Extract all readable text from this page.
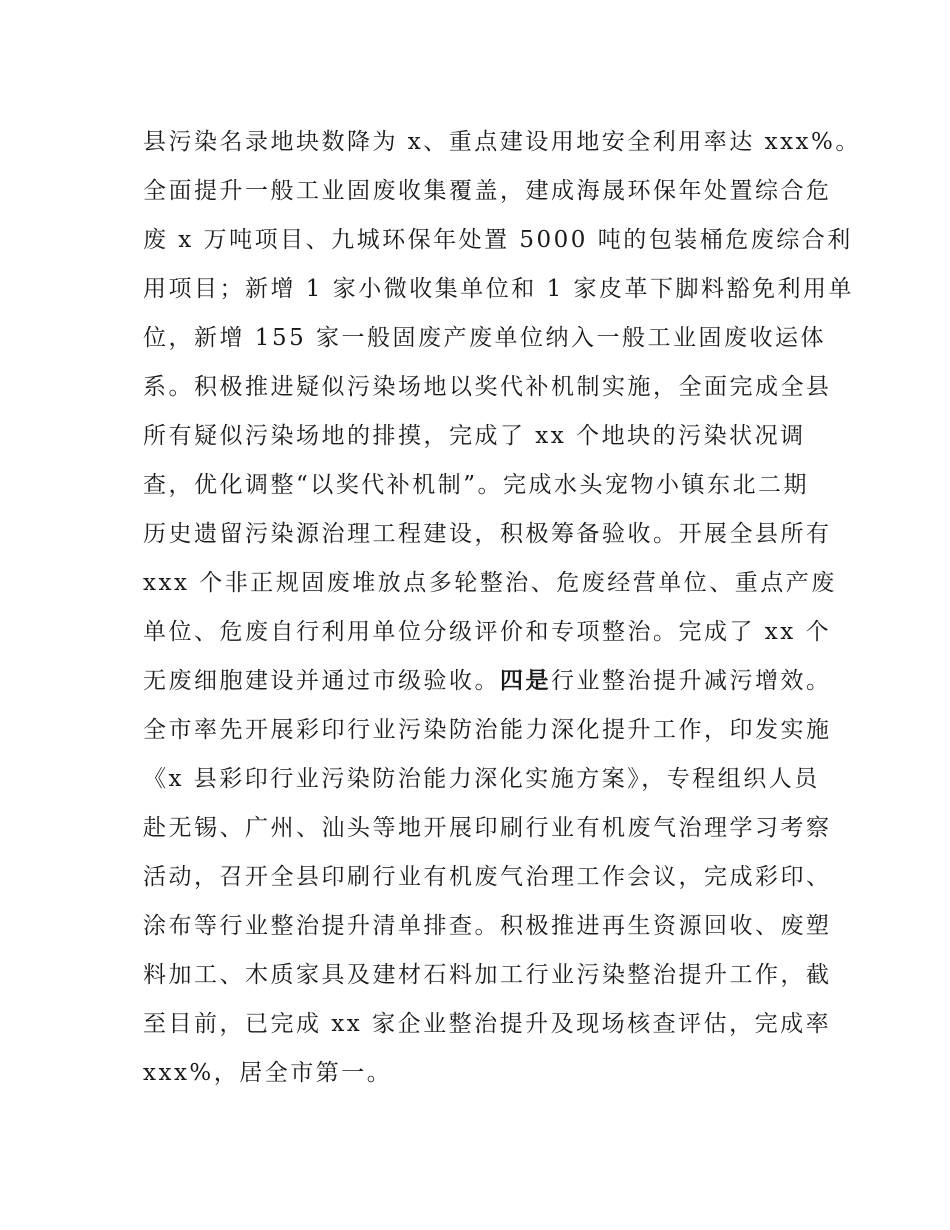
县污染名录地块数降为 x、重点建设用地安全利用率达 xxx%。
全面提升一般工业固废收集覆盖，建成海晟环保年处置综合危
废 x 万吨项目、九城环保年处置 5000 吨的包装桶危废综合利
用项目；新增 1 家小微收集单位和 1 家皮革下脚料豁免利用单
位，新增 155 家一般固废产废单位纳入一般工业固废收运体
系。积极推进疑似污染场地以奖代补机制实施，全面完成全县
所有疑似污染场地的排摸，完成了 xx 个地块的污染状况调
查，优化调整“以奖代补机制”。完成水头宠物小镇东北二期
历史遗留污染源治理工程建设，积极筹备验收。开展全县所有
xxx 个非正规固废堆放点多轮整治、危废经营单位、重点产废
单位、危废自行利用单位分级评价和专项整治。完成了 xx 个
无废细胞建设并通过市级验收。四是行业整治提升减污增效。
全市率先开展彩印行业污染防治能力深化提升工作，印发实施
《x 县彩印行业污染防治能力深化实施方案》，专程组织人员
赴无锡、广州、汕头等地开展印刷行业有机废气治理学习考察
活动，召开全县印刷行业有机废气治理工作会议，完成彩印、
涂布等行业整治提升清单排查。积极推进再生资源回收、废塑
料加工、木质家具及建材石料加工行业污染整治提升工作，截
至目前，已完成 xx 家企业整治提升及现场核查评估，完成率
xxx%，居全市第一。
